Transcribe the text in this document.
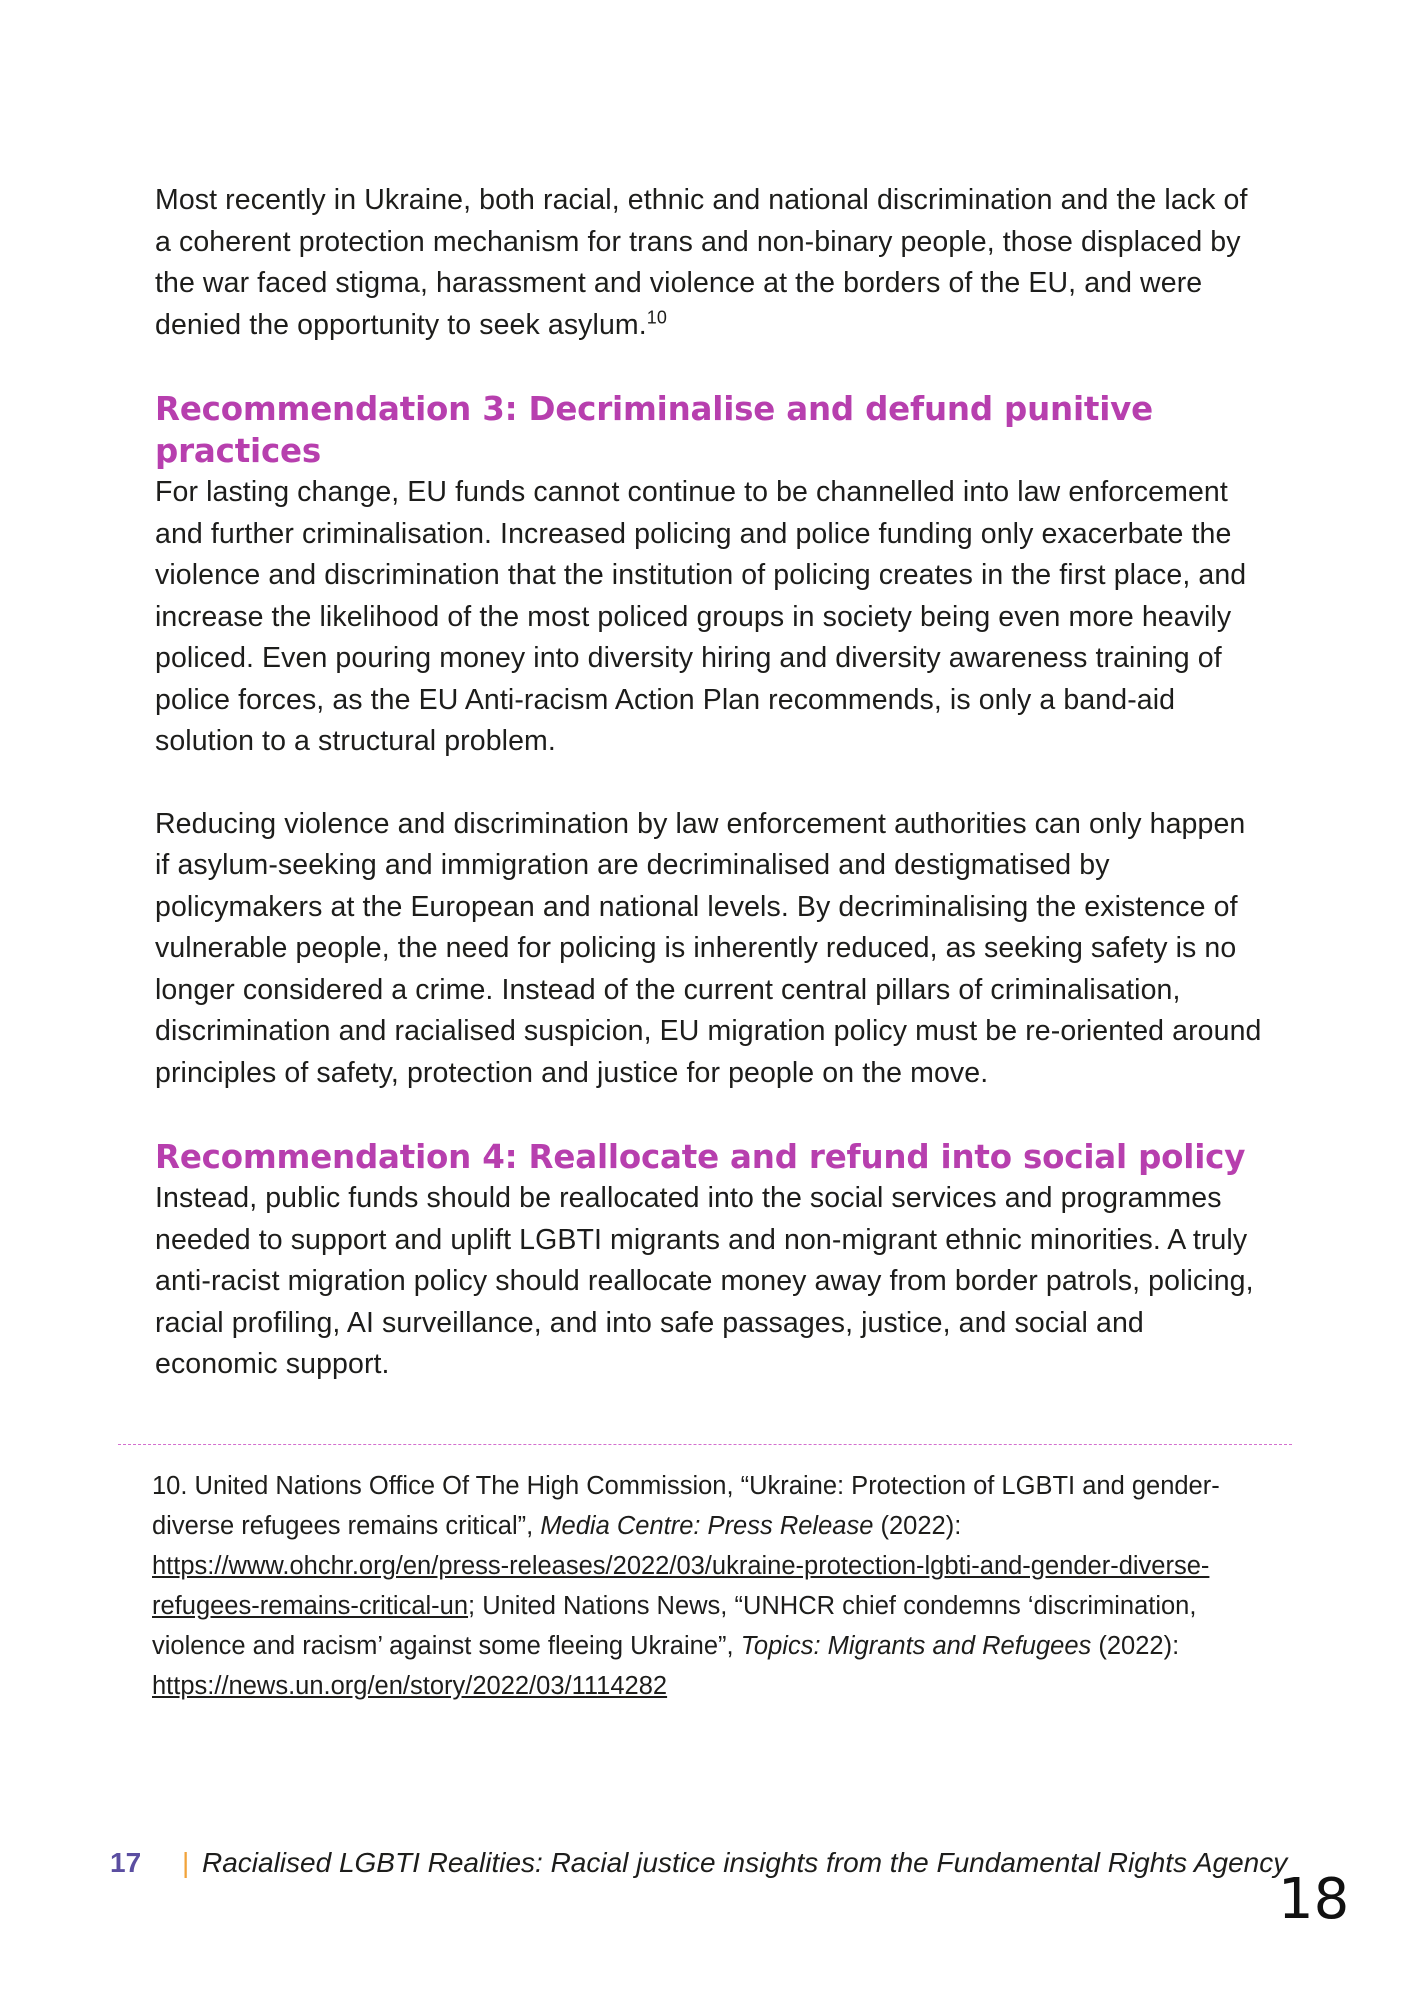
Most recently in Ukraine, both racial, ethnic and national discrimination and the lack of a coherent protection mechanism for trans and non-binary people, those displaced by the war faced stigma, harassment and violence at the borders of the EU, and were denied the opportunity to seek asylum.$^{10}$

Recommendation 3: Decriminalise and defund punitive practices

For lasting change, EU funds cannot continue to be channelled into law enforcement and further criminalisation. Increased policing and police funding only exacerbate the violence and discrimination that the institution of policing creates in the first place, and increase the likelihood of the most policed groups in society being even more heavily policed. Even pouring money into diversity hiring and diversity awareness training of police forces, as the EU Anti-racism Action Plan recommends, is only a band-aid solution to a structural problem.

Reducing violence and discrimination by law enforcement authorities can only happen if asylum-seeking and immigration are decriminalised and destigmatised by policymakers at the European and national levels. By decriminalising the existence of vulnerable people, the need for policing is inherently reduced, as seeking safety is no longer considered a crime. Instead of the current central pillars of criminalisation, discrimination and racialised suspicion, EU migration policy must be re-oriented around principles of safety, protection and justice for people on the move.

Recommendation 4: Reallocate and refund into social policy

Instead, public funds should be reallocated into the social services and programmes needed to support and uplift LGBTI migrants and non-migrant ethnic minorities. A truly anti-racist migration policy should reallocate money away from border patrols, policing, racial profiling, AI surveillance, and into safe passages, justice, and social and economic support.

10. United Nations Office Of The High Commission, “Ukraine: Protection of LGBTI and gender-diverse refugees remains critical”, Media Centre: Press Release (2022): https://www.ohchr.org/en/press-releases/2022/03/ukraine-protection-lgbti-and-gender-diverse-refugees-remains-critical-un; United Nations News, “UNHCR chief condemns ‘discrimination, violence and racism’ against some fleeing Ukraine”, Topics: Migrants and Refugees (2022): https://news.un.org/en/story/2022/03/1114282

17 | Racialised LGBTI Realities: Racial justice insights from the Fundamental Rights Agency
18
